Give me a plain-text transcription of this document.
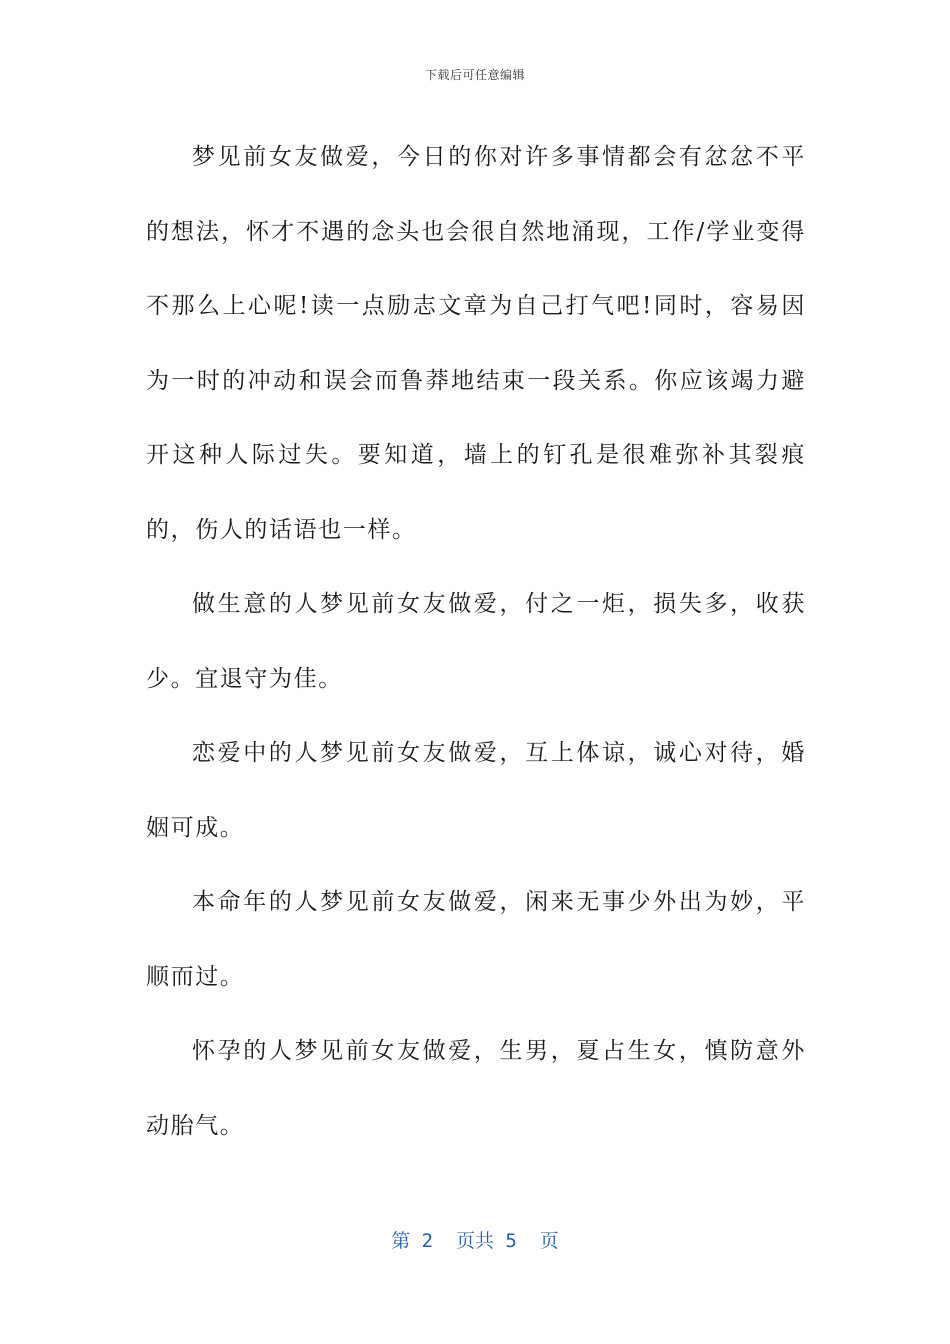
下载后可任意编辑

梦见前女友做爱，今日的你对许多事情都会有忿忿不平的想法，怀才不遇的念头也会很自然地涌现，工作/学业变得不那么上心呢!读一点励志文章为自己打气吧!同时，容易因为一时的冲动和误会而鲁莽地结束一段关系。你应该竭力避开这种人际过失。要知道，墙上的钉孔是很难弥补其裂痕的，伤人的话语也一样。

做生意的人梦见前女友做爱，付之一炬，损失多，收获少。宜退守为佳。

恋爱中的人梦见前女友做爱，互上体谅，诚心对待，婚姻可成。

本命年的人梦见前女友做爱，闲来无事少外出为妙，平顺而过。

怀孕的人梦见前女友做爱，生男，夏占生女，慎防意外动胎气。

第 2  页共 5  页
